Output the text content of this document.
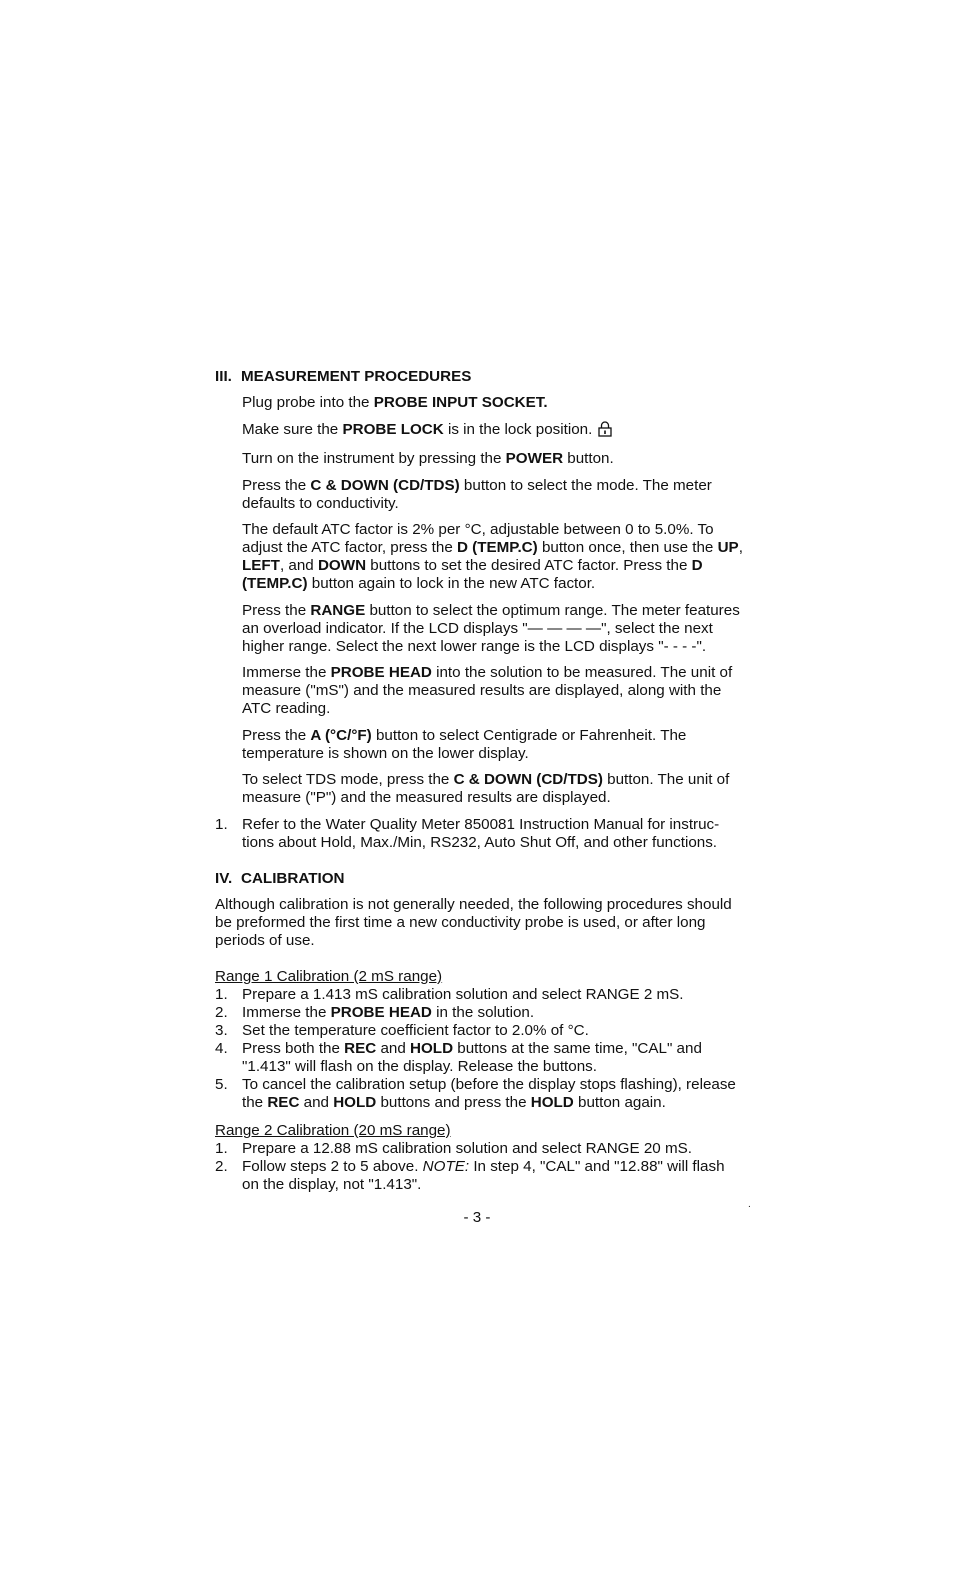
III. MEASUREMENT PROCEDURES
Plug probe into the PROBE INPUT SOCKET.
Make sure the PROBE LOCK is in the lock position.
Turn on the instrument by pressing the POWER button.
Press the C & DOWN (CD/TDS) button to select the mode. The meter defaults to conductivity.
The default ATC factor is 2% per °C, adjustable between 0 to 5.0%. To adjust the ATC factor, press the D (TEMP.C) button once, then use the UP, LEFT, and DOWN buttons to set the desired ATC factor. Press the D (TEMP.C) button again to lock in the new ATC factor.
Press the RANGE button to select the optimum range. The meter features an overload indicator. If the LCD displays "— — — —", select the next higher range. Select the next lower range is the LCD displays "- - - -".
Immerse the PROBE HEAD into the solution to be measured. The unit of measure ("mS") and the measured results are displayed, along with the ATC reading.
Press the A (°C/°F) button to select Centigrade or Fahrenheit. The temperature is shown on the lower display.
To select TDS mode, press the C & DOWN (CD/TDS) button. The unit of measure ("P") and the measured results are displayed.
1. Refer to the Water Quality Meter 850081 Instruction Manual for instruc- tions about Hold, Max./Min, RS232, Auto Shut Off, and other functions.
IV. CALIBRATION
Although calibration is not generally needed, the following procedures should be preformed the first time a new conductivity probe is used, or after long periods of use.
Range 1 Calibration (2 mS range)
1. Prepare a 1.413 mS calibration solution and select RANGE 2 mS.
2. Immerse the PROBE HEAD in the solution.
3. Set the temperature coefficient factor to 2.0% of °C.
4. Press both the REC and HOLD buttons at the same time, "CAL" and "1.413" will flash on the display. Release the buttons.
5. To cancel the calibration setup (before the display stops flashing), release the REC and HOLD buttons and press the HOLD button again.
Range 2 Calibration (20 mS range)
1. Prepare a 12.88 mS calibration solution and select RANGE 20 mS.
2. Follow steps 2 to 5 above. NOTE: In step 4, "CAL" and "12.88" will flash on the display, not "1.413".
.
- 3 -
